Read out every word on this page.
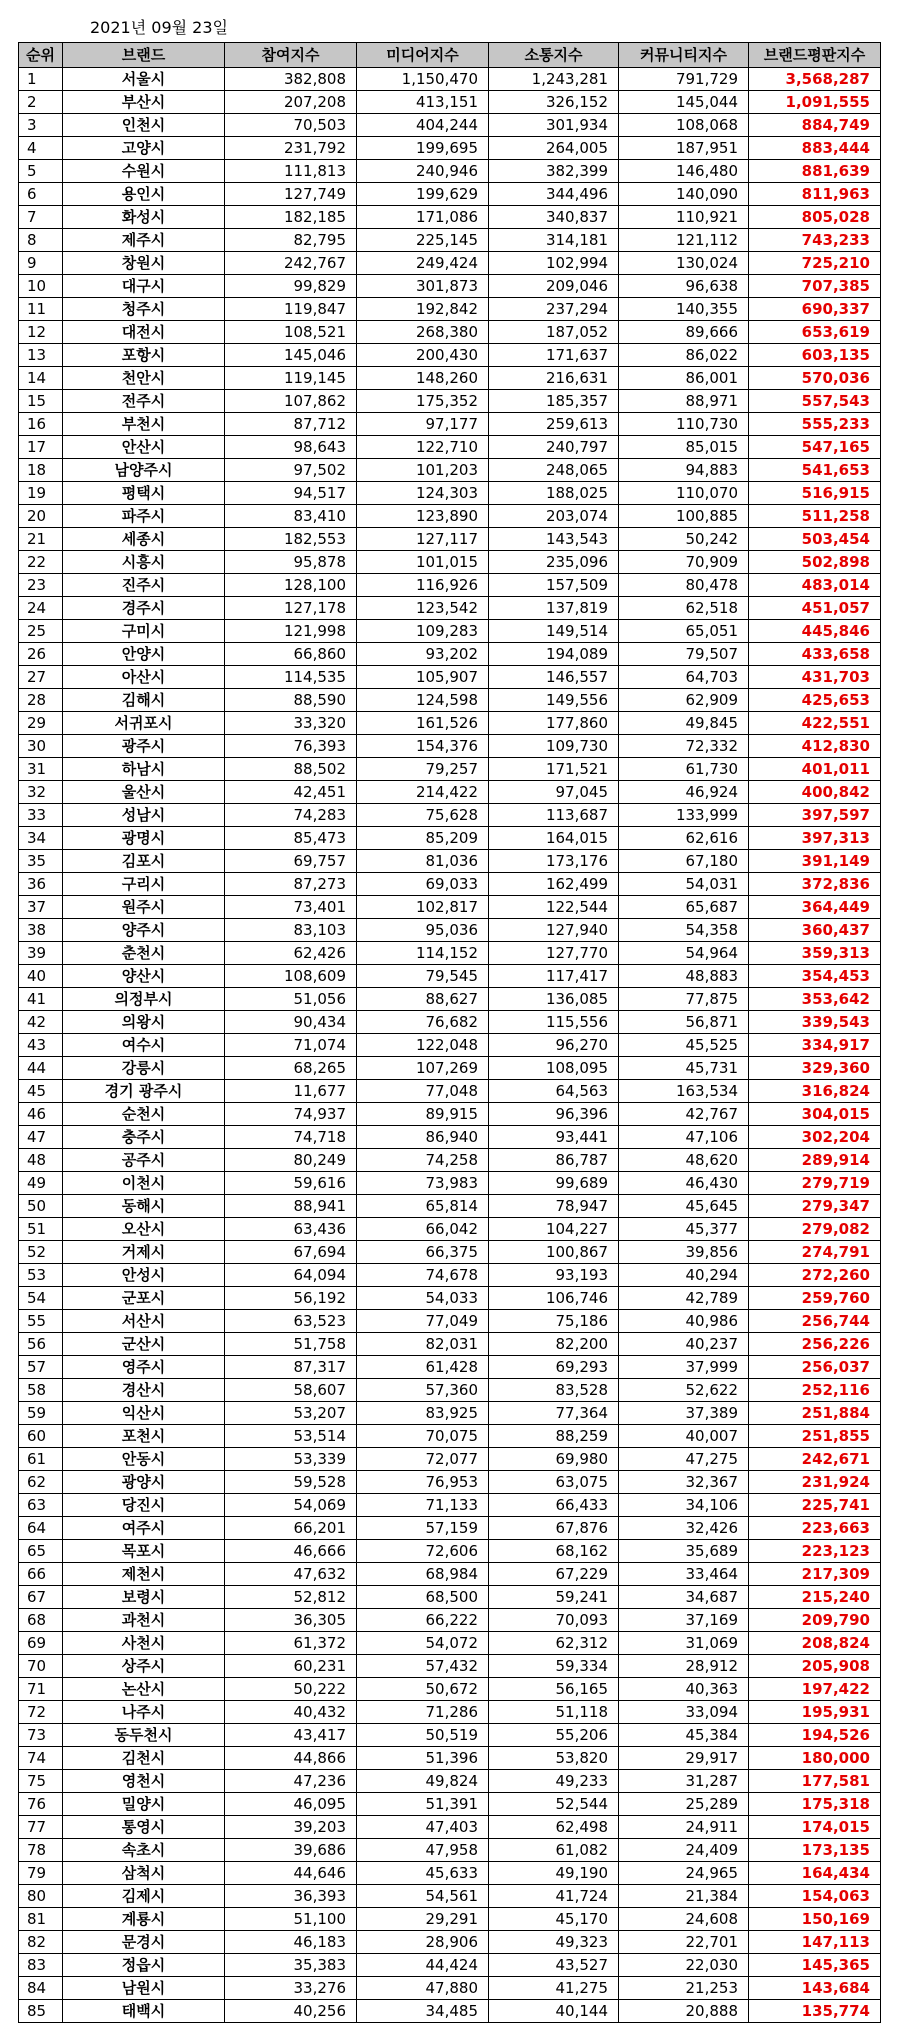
2021년 09월 23일
순위	브랜드	참여지수	미디어지수	소통지수	커뮤니티지수	브랜드평판지수
1	서울시	382,808	1,150,470	1,243,281	791,729	3,568,287
2	부산시	207,208	413,151	326,152	145,044	1,091,555
3	인천시	70,503	404,244	301,934	108,068	884,749
4	고양시	231,792	199,695	264,005	187,951	883,444
5	수원시	111,813	240,946	382,399	146,480	881,639
6	용인시	127,749	199,629	344,496	140,090	811,963
7	화성시	182,185	171,086	340,837	110,921	805,028
8	제주시	82,795	225,145	314,181	121,112	743,233
9	창원시	242,767	249,424	102,994	130,024	725,210
10	대구시	99,829	301,873	209,046	96,638	707,385
11	청주시	119,847	192,842	237,294	140,355	690,337
12	대전시	108,521	268,380	187,052	89,666	653,619
13	포항시	145,046	200,430	171,637	86,022	603,135
14	천안시	119,145	148,260	216,631	86,001	570,036
15	전주시	107,862	175,352	185,357	88,971	557,543
16	부천시	87,712	97,177	259,613	110,730	555,233
17	안산시	98,643	122,710	240,797	85,015	547,165
18	남양주시	97,502	101,203	248,065	94,883	541,653
19	평택시	94,517	124,303	188,025	110,070	516,915
20	파주시	83,410	123,890	203,074	100,885	511,258
21	세종시	182,553	127,117	143,543	50,242	503,454
22	시흥시	95,878	101,015	235,096	70,909	502,898
23	진주시	128,100	116,926	157,509	80,478	483,014
24	경주시	127,178	123,542	137,819	62,518	451,057
25	구미시	121,998	109,283	149,514	65,051	445,846
26	안양시	66,860	93,202	194,089	79,507	433,658
27	아산시	114,535	105,907	146,557	64,703	431,703
28	김해시	88,590	124,598	149,556	62,909	425,653
29	서귀포시	33,320	161,526	177,860	49,845	422,551
30	광주시	76,393	154,376	109,730	72,332	412,830
31	하남시	88,502	79,257	171,521	61,730	401,011
32	울산시	42,451	214,422	97,045	46,924	400,842
33	성남시	74,283	75,628	113,687	133,999	397,597
34	광명시	85,473	85,209	164,015	62,616	397,313
35	김포시	69,757	81,036	173,176	67,180	391,149
36	구리시	87,273	69,033	162,499	54,031	372,836
37	원주시	73,401	102,817	122,544	65,687	364,449
38	양주시	83,103	95,036	127,940	54,358	360,437
39	춘천시	62,426	114,152	127,770	54,964	359,313
40	양산시	108,609	79,545	117,417	48,883	354,453
41	의정부시	51,056	88,627	136,085	77,875	353,642
42	의왕시	90,434	76,682	115,556	56,871	339,543
43	여수시	71,074	122,048	96,270	45,525	334,917
44	강릉시	68,265	107,269	108,095	45,731	329,360
45	경기 광주시	11,677	77,048	64,563	163,534	316,824
46	순천시	74,937	89,915	96,396	42,767	304,015
47	충주시	74,718	86,940	93,441	47,106	302,204
48	공주시	80,249	74,258	86,787	48,620	289,914
49	이천시	59,616	73,983	99,689	46,430	279,719
50	동해시	88,941	65,814	78,947	45,645	279,347
51	오산시	63,436	66,042	104,227	45,377	279,082
52	거제시	67,694	66,375	100,867	39,856	274,791
53	안성시	64,094	74,678	93,193	40,294	272,260
54	군포시	56,192	54,033	106,746	42,789	259,760
55	서산시	63,523	77,049	75,186	40,986	256,744
56	군산시	51,758	82,031	82,200	40,237	256,226
57	영주시	87,317	61,428	69,293	37,999	256,037
58	경산시	58,607	57,360	83,528	52,622	252,116
59	익산시	53,207	83,925	77,364	37,389	251,884
60	포천시	53,514	70,075	88,259	40,007	251,855
61	안동시	53,339	72,077	69,980	47,275	242,671
62	광양시	59,528	76,953	63,075	32,367	231,924
63	당진시	54,069	71,133	66,433	34,106	225,741
64	여주시	66,201	57,159	67,876	32,426	223,663
65	목포시	46,666	72,606	68,162	35,689	223,123
66	제천시	47,632	68,984	67,229	33,464	217,309
67	보령시	52,812	68,500	59,241	34,687	215,240
68	과천시	36,305	66,222	70,093	37,169	209,790
69	사천시	61,372	54,072	62,312	31,069	208,824
70	상주시	60,231	57,432	59,334	28,912	205,908
71	논산시	50,222	50,672	56,165	40,363	197,422
72	나주시	40,432	71,286	51,118	33,094	195,931
73	동두천시	43,417	50,519	55,206	45,384	194,526
74	김천시	44,866	51,396	53,820	29,917	180,000
75	영천시	47,236	49,824	49,233	31,287	177,581
76	밀양시	46,095	51,391	52,544	25,289	175,318
77	통영시	39,203	47,403	62,498	24,911	174,015
78	속초시	39,686	47,958	61,082	24,409	173,135
79	삼척시	44,646	45,633	49,190	24,965	164,434
80	김제시	36,393	54,561	41,724	21,384	154,063
81	계룡시	51,100	29,291	45,170	24,608	150,169
82	문경시	46,183	28,906	49,323	22,701	147,113
83	정읍시	35,383	44,424	43,527	22,030	145,365
84	남원시	33,276	47,880	41,275	21,253	143,684
85	태백시	40,256	34,485	40,144	20,888	135,774
